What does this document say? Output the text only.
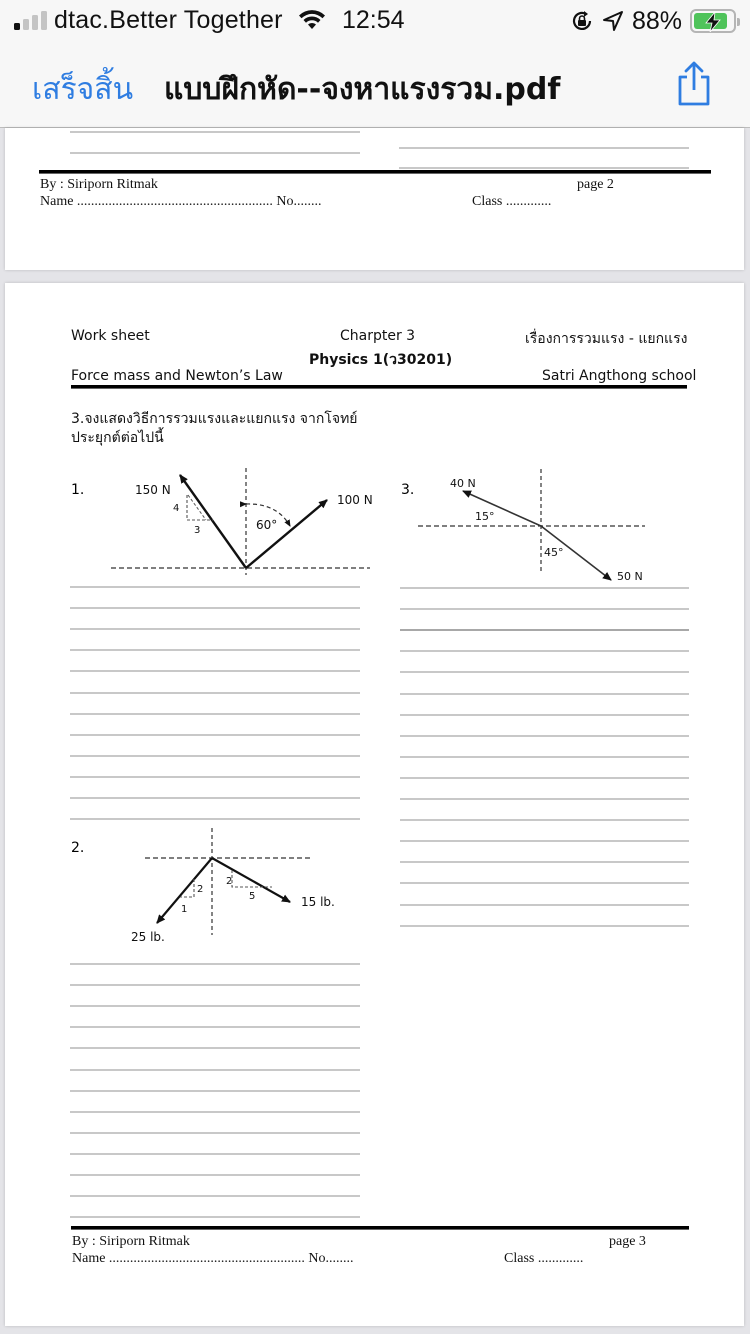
dtac.Better Together 12:54	88%
เสร็จสิ้น แบบฝึกหัด--จงหาแรงรวม.pdf
By : Siriporn Ritmak	page 2
Name ........................................................ No........	Class .............
Work sheet	Charpter 3	เรื่องการรวมแรง - แยกแรง
Physics 1(ว30201)
Force mass and Newton’s Law	Satri Angthong school
3.จงแสดงวิธีการรวมแรงและแยกแรง จากโจทย์
ประยุกต์ต่อไปนี้
1.	150 N
4
3
100 N
60°
3.	40 N
15°
45°
50 N
2.
2
1
2
5	15 lb.
25 lb.
By : Siriporn Ritmak	page 3
Name ........................................................ No........	Class .............
